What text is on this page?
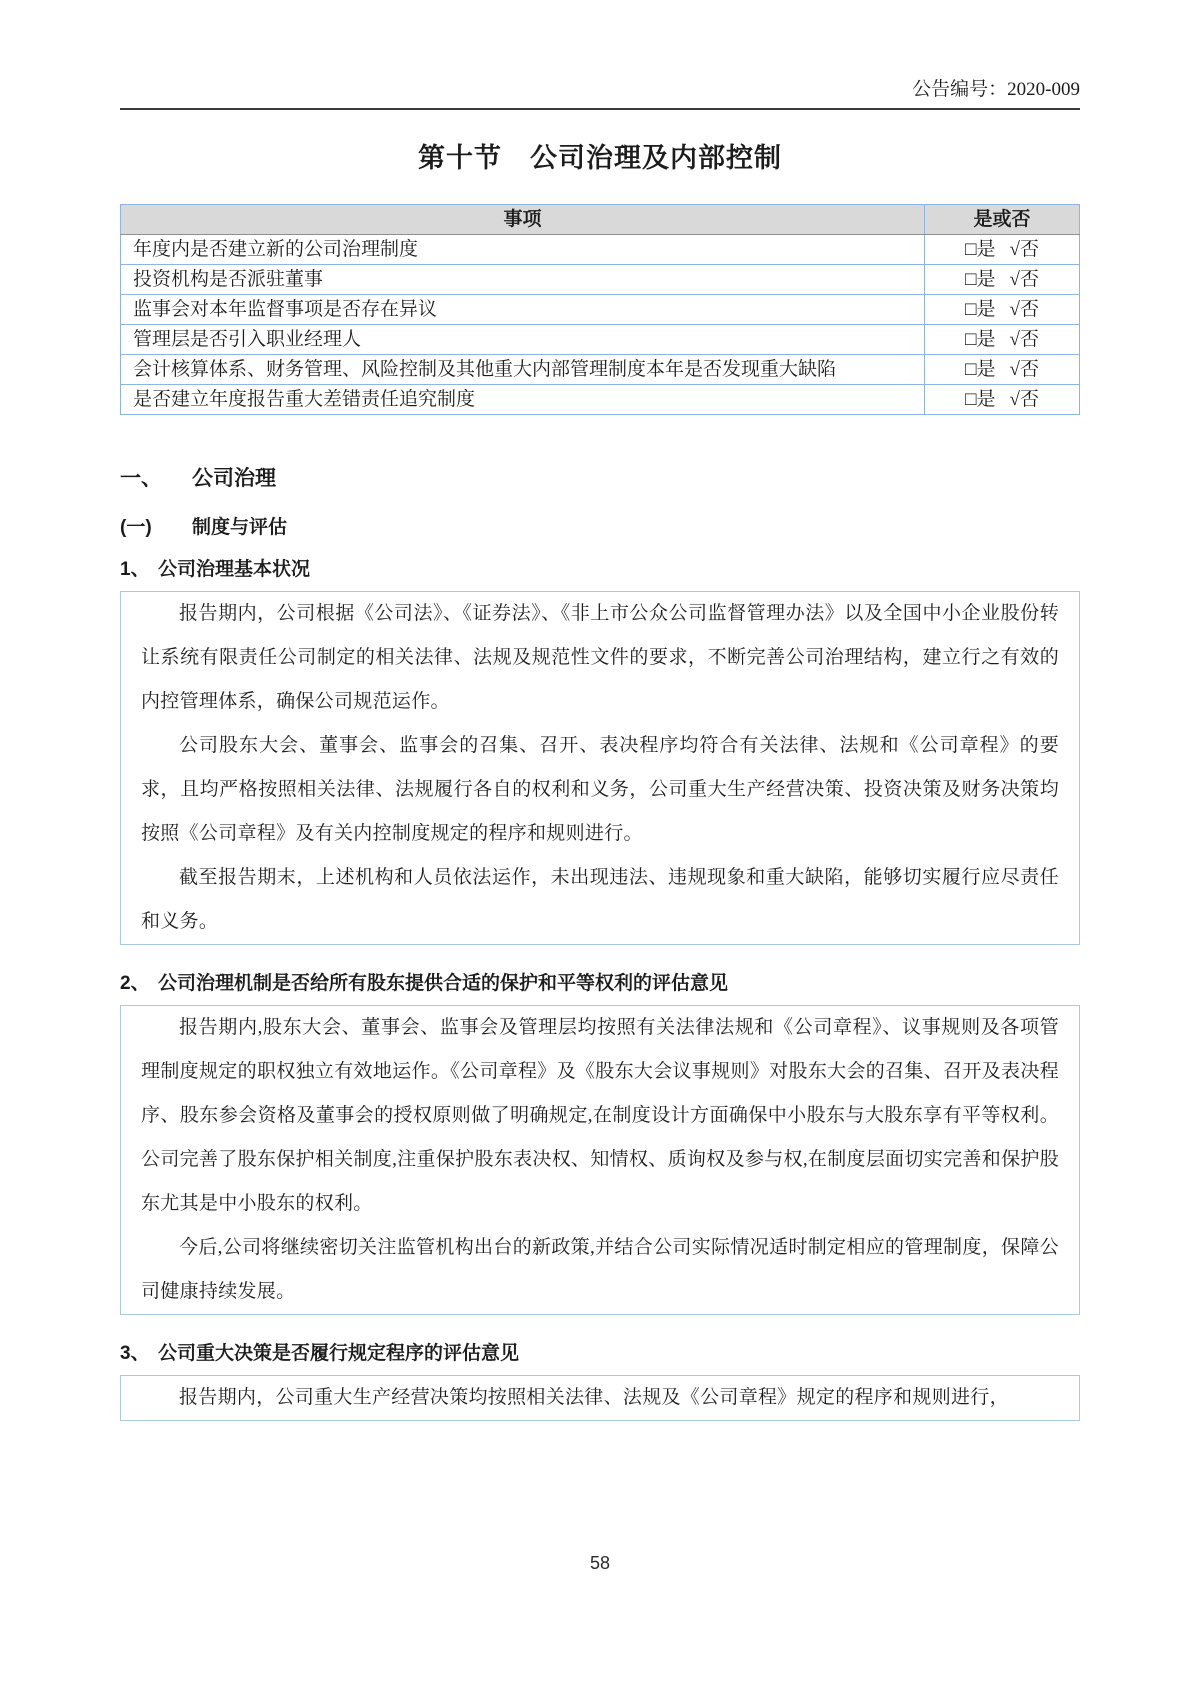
公告编号：2020-009
第十节 公司治理及内部控制
事项	是或否
年度内是否建立新的公司治理制度	□是 √否
投资机构是否派驻董事	□是 √否
监事会对本年监督事项是否存在异议	□是 √否
管理层是否引入职业经理人	□是 √否
会计核算体系、财务管理、风险控制及其他重大内部管理制度本年是否发现重大缺陷	□是 √否
是否建立年度报告重大差错责任追究制度	□是 √否
一、 公司治理
(一) 制度与评估
1、 公司治理基本状况

报告期内，公司根据《公司法》、《证券法》、《非上市公众公司监督管理办法》以及全国中小企业股份转让系统有限责任公司制定的相关法律、法规及规范性文件的要求，不断完善公司治理结构，建立行之有效的内控管理体系，确保公司规范运作。

公司股东大会、董事会、监事会的召集、召开、表决程序均符合有关法律、法规和《公司章程》的要求，且均严格按照相关法律、法规履行各自的权利和义务，公司重大生产经营决策、投资决策及财务决策均按照《公司章程》及有关内控制度规定的程序和规则进行。

截至报告期末，上述机构和人员依法运作，未出现违法、违规现象和重大缺陷，能够切实履行应尽责任和义务。

2、 公司治理机制是否给所有股东提供合适的保护和平等权利的评估意见

报告期内,股东大会、董事会、监事会及管理层均按照有关法律法规和《公司章程》、议事规则及各项管理制度规定的职权独立有效地运作。《公司章程》及《股东大会议事规则》对股东大会的召集、召开及表决程序、股东参会资格及董事会的授权原则做了明确规定,在制度设计方面确保中小股东与大股东享有平等权利。公司完善了股东保护相关制度,注重保护股东表决权、知情权、质询权及参与权,在制度层面切实完善和保护股东尤其是中小股东的权利。

今后,公司将继续密切关注监管机构出台的新政策,并结合公司实际情况适时制定相应的管理制度，保障公司健康持续发展。

3、 公司重大决策是否履行规定程序的评估意见

报告期内，公司重大生产经营决策均按照相关法律、法规及《公司章程》规定的程序和规则进行，

58
